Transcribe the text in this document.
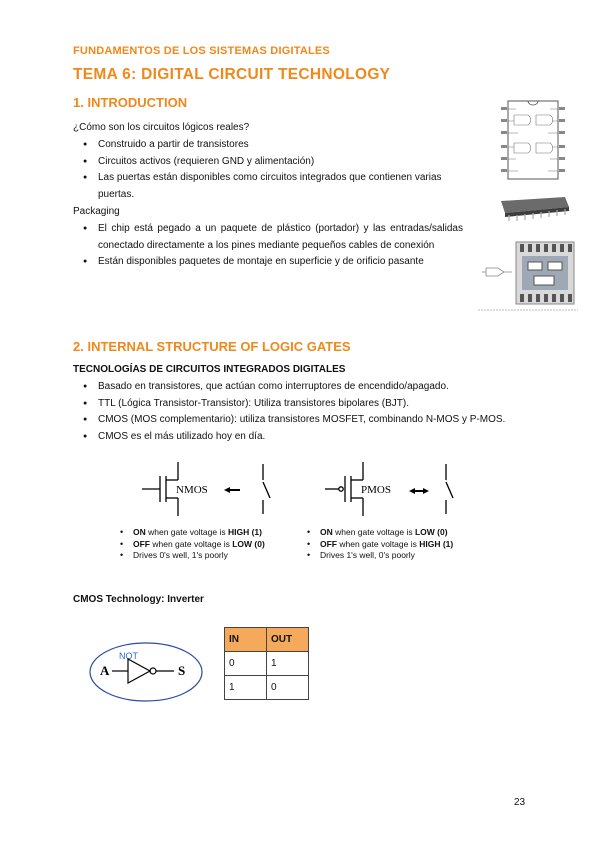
FUNDAMENTOS DE LOS SISTEMAS DIGITALES
TEMA 6: DIGITAL CIRCUIT TECHNOLOGY
1. INTRODUCTION
¿Cómo son los circuitos lógicos reales?
● Construido a partir de transistores
● Circuitos activos (requieren GND y alimentación)
● Las puertas están disponibles como circuitos integrados que contienen varias puertas.
Packaging
● El chip está pegado a un paquete de plástico (portador) y las entradas/salidas conectado directamente a los pines mediante pequeños cables de conexión
● Están disponibles paquetes de montaje en superficie y de orificio pasante
2. INTERNAL STRUCTURE OF LOGIC GATES
TECNOLOGÍAS DE CIRCUITOS INTEGRADOS DIGITALES
● Basado en transistores, que actúan como interruptores de encendido/apagado.
● TTL (Lógica Transistor-Transistor): Utiliza transistores bipolares (BJT).
● CMOS (MOS complementario): utiliza transistores MOSFET, combinando N-MOS y P-MOS.
● CMOS es el más utilizado hoy en día.
NMOS	PMOS
• ON when gate voltage is HIGH (1)
• OFF when gate voltage is LOW (0)
• Drives 0's well, 1's poorly
• ON when gate voltage is LOW (0)
• OFF when gate voltage is HIGH (1)
• Drives 1's well, 0's poorly
CMOS Technology: Inverter
NOT
A	S
IN	OUT
0	1
1	0
23
